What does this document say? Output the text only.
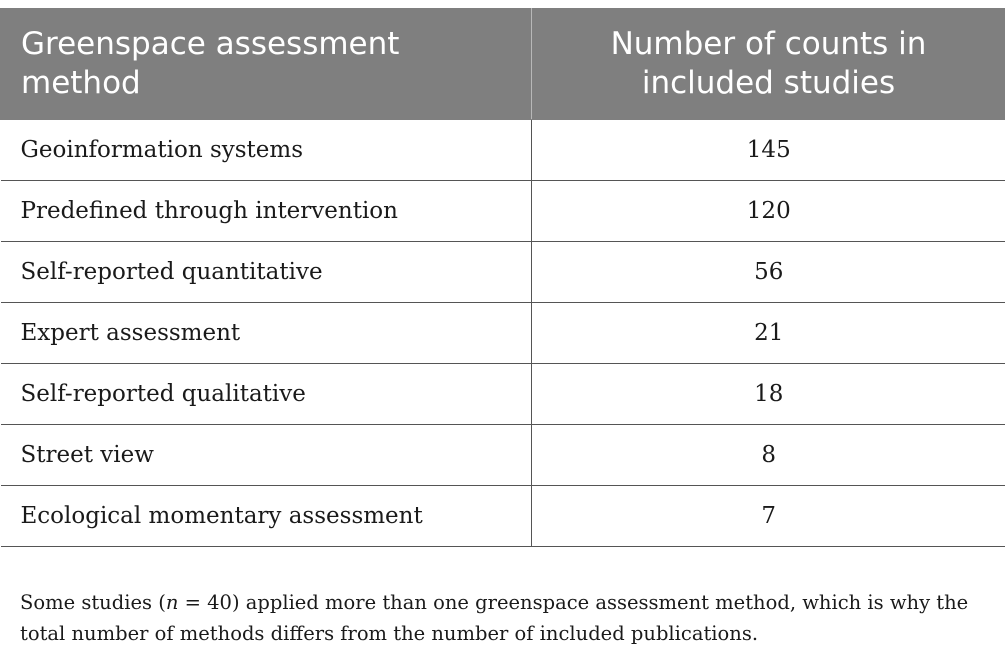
Greenspace assessment method	Number of counts in included studies
Geoinformation systems	145
Predefined through intervention	120
Self-reported quantitative	56
Expert assessment	21
Self-reported qualitative	18
Street view	8
Ecological momentary assessment	7

Some studies (n = 40) applied more than one greenspace assessment method, which is why the total number of methods differs from the number of included publications.
